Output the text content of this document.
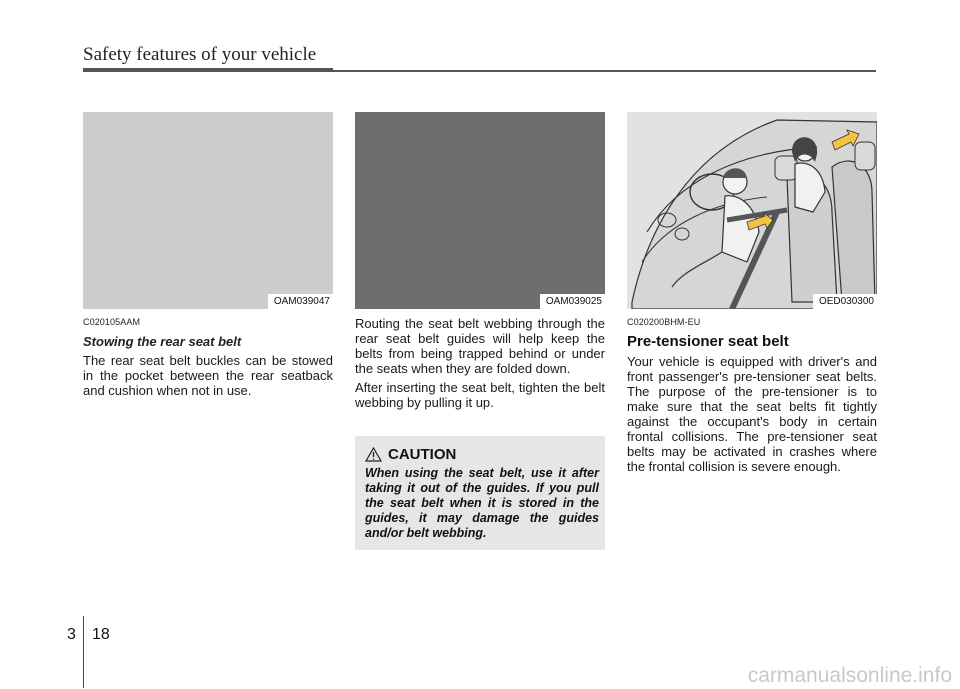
Safety features of your vehicle
OAM039047
C020105AAM
Stowing the rear seat belt
The rear seat belt buckles can be stowed in the pocket between the rear seatback and cushion when not in use.
OAM039025
Routing the seat belt webbing through the rear seat belt guides will help keep the belts from being trapped behind or under the seats when they are folded down.
After inserting the seat belt, tighten the belt webbing by pulling it up.
CAUTION
When using the seat belt, use it after taking it out of the guides. If you pull the seat belt when it is stored in the guides, it may damage the guides and/or belt webbing.
OED030300
C020200BHM-EU
Pre-tensioner seat belt
Your vehicle is equipped with driver's and front passenger's pre-tensioner seat belts. The purpose of the pre-tensioner is to make sure that the seat belts fit tightly against the occupant's body in certain frontal collisions. The pre-tensioner seat belts may be activated in crashes where the frontal collision is severe enough.
3 18
carmanualsonline.info
